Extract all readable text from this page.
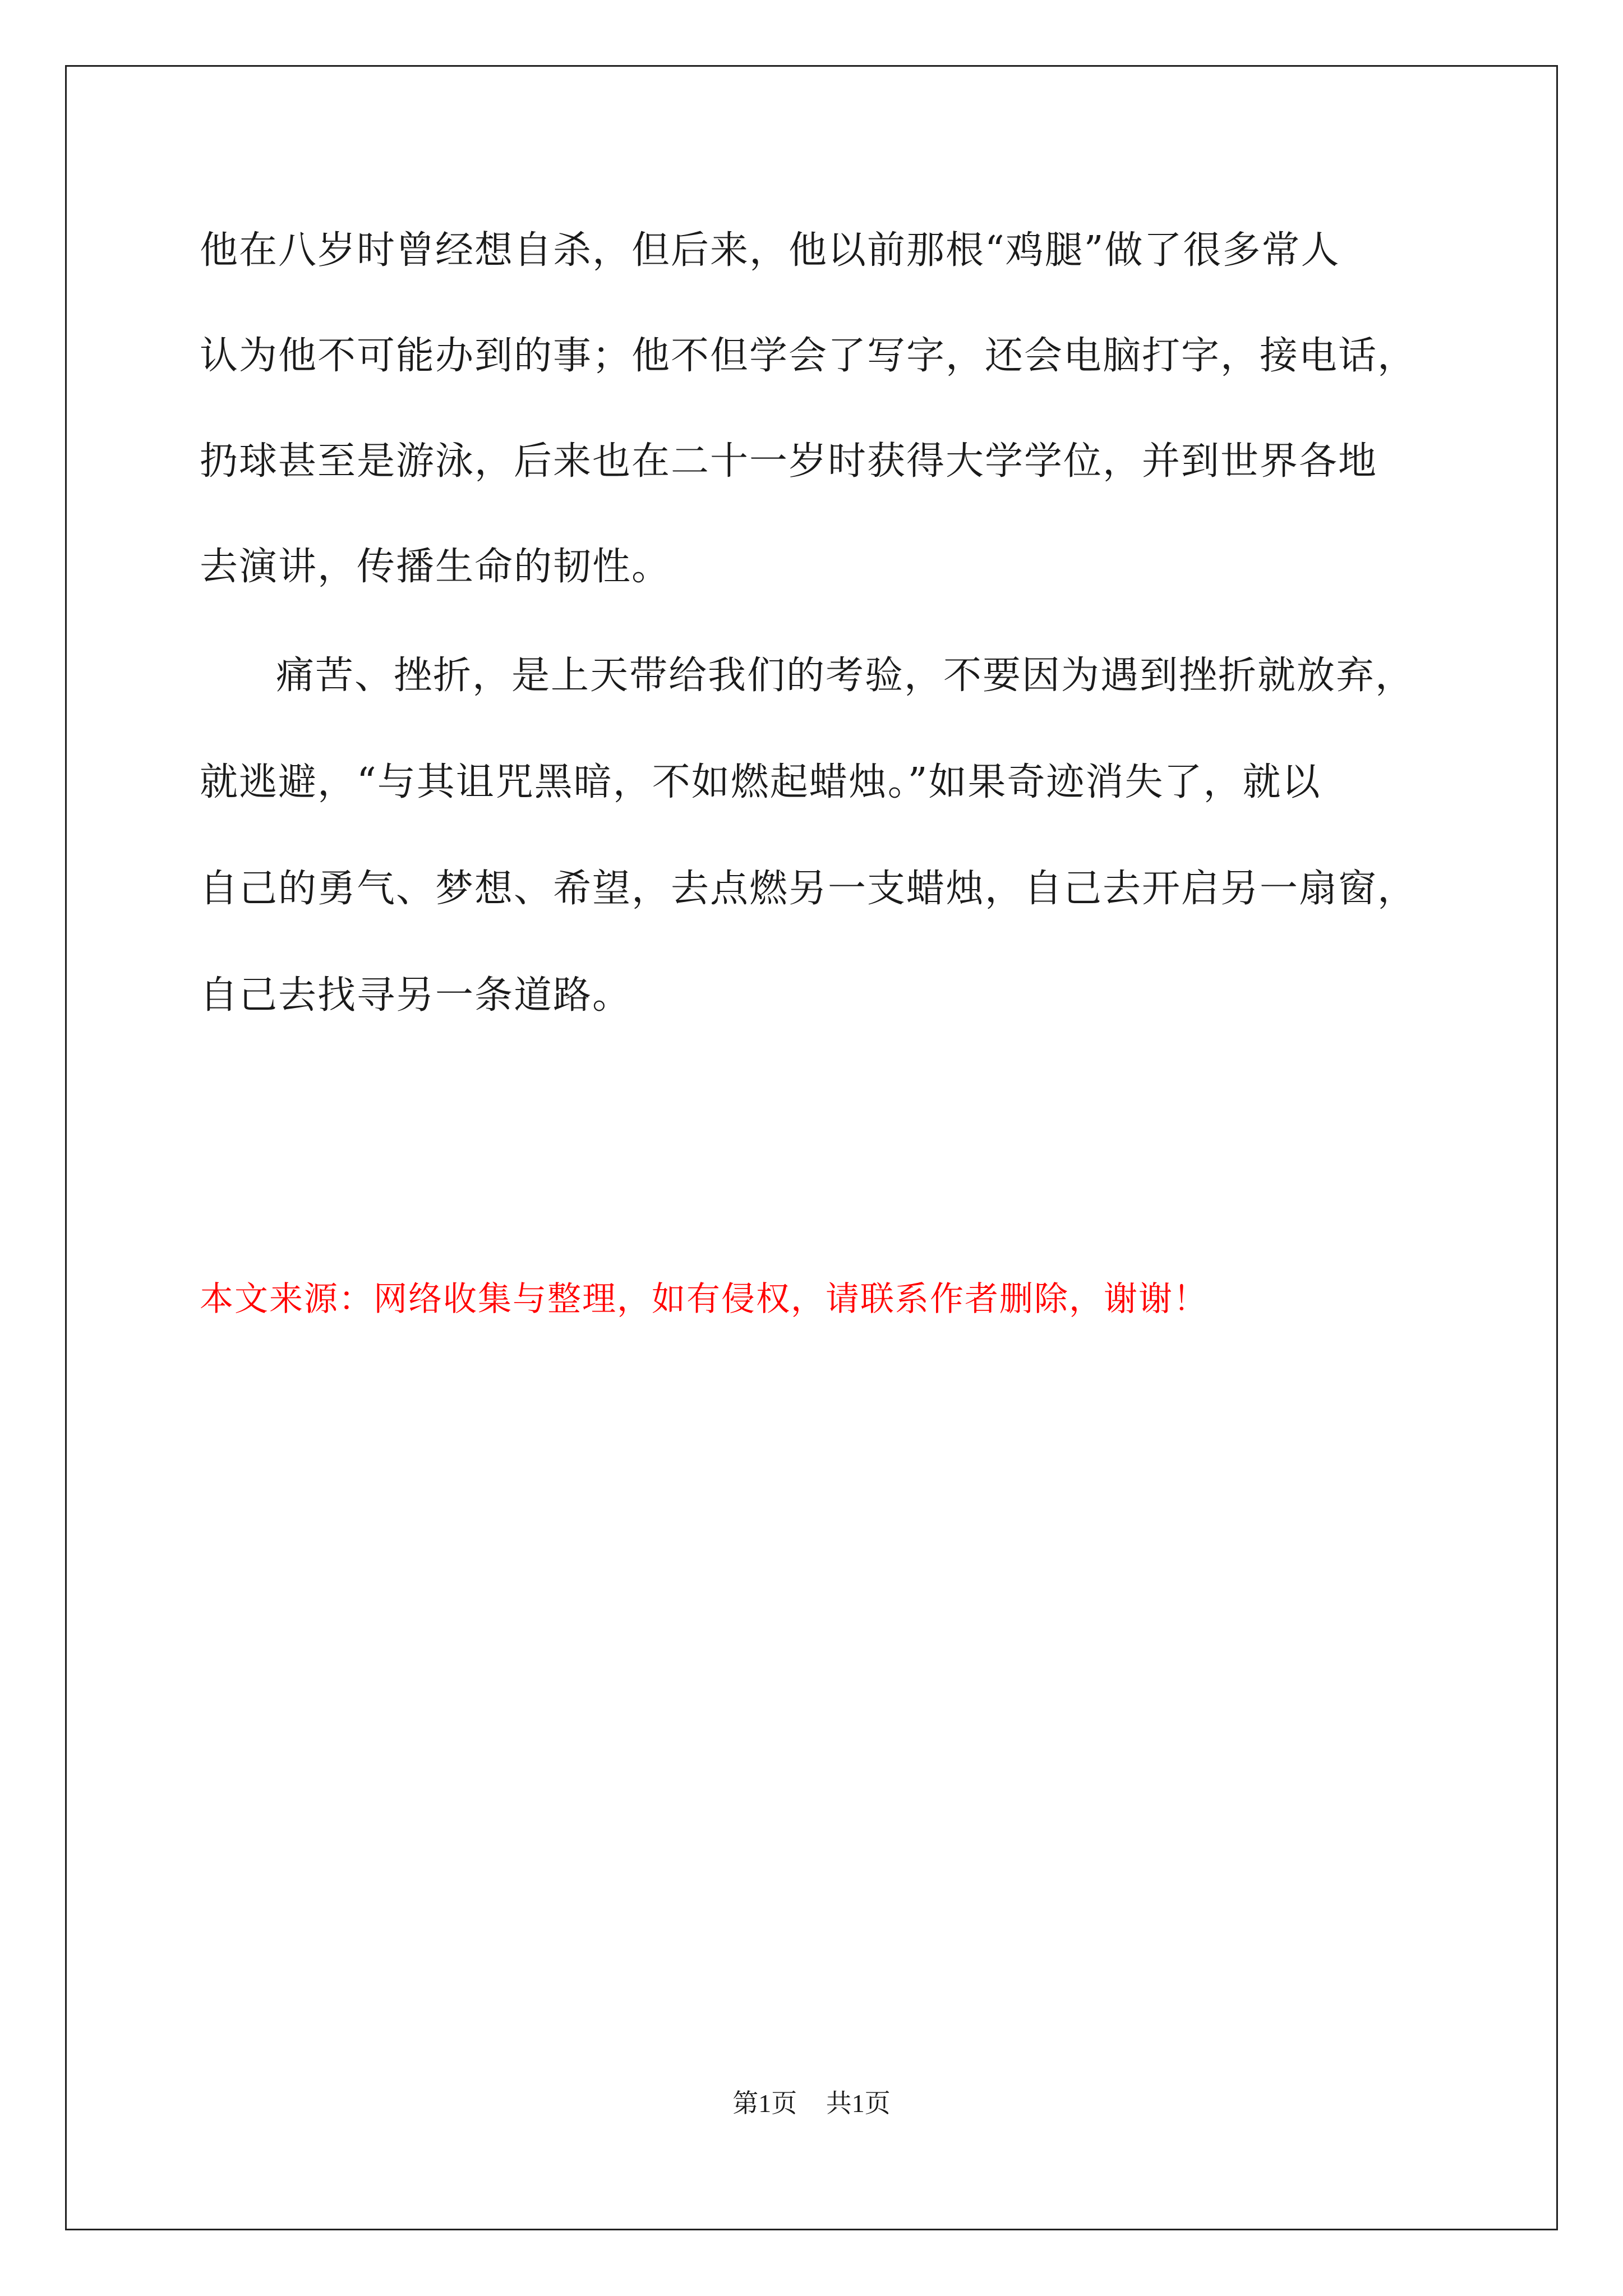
他在八岁时曾经想自杀，但后来，他以前那根“鸡腿”做了很多常人
认为他不可能办到的事；他不但学会了写字，还会电脑打字，接电话，
扔球甚至是游泳，后来也在二十一岁时获得大学学位，并到世界各地
去演讲，传播生命的韧性。
痛苦、挫折，是上天带给我们的考验，不要因为遇到挫折就放弃，
就逃避，“与其诅咒黑暗，不如燃起蜡烛。”如果奇迹消失了，就以
自己的勇气、梦想、希望，去点燃另一支蜡烛，自己去开启另一扇窗，
自己去找寻另一条道路。
本文来源：网络收集与整理，如有侵权，请联系作者删除，谢谢！
第1页 共1页
